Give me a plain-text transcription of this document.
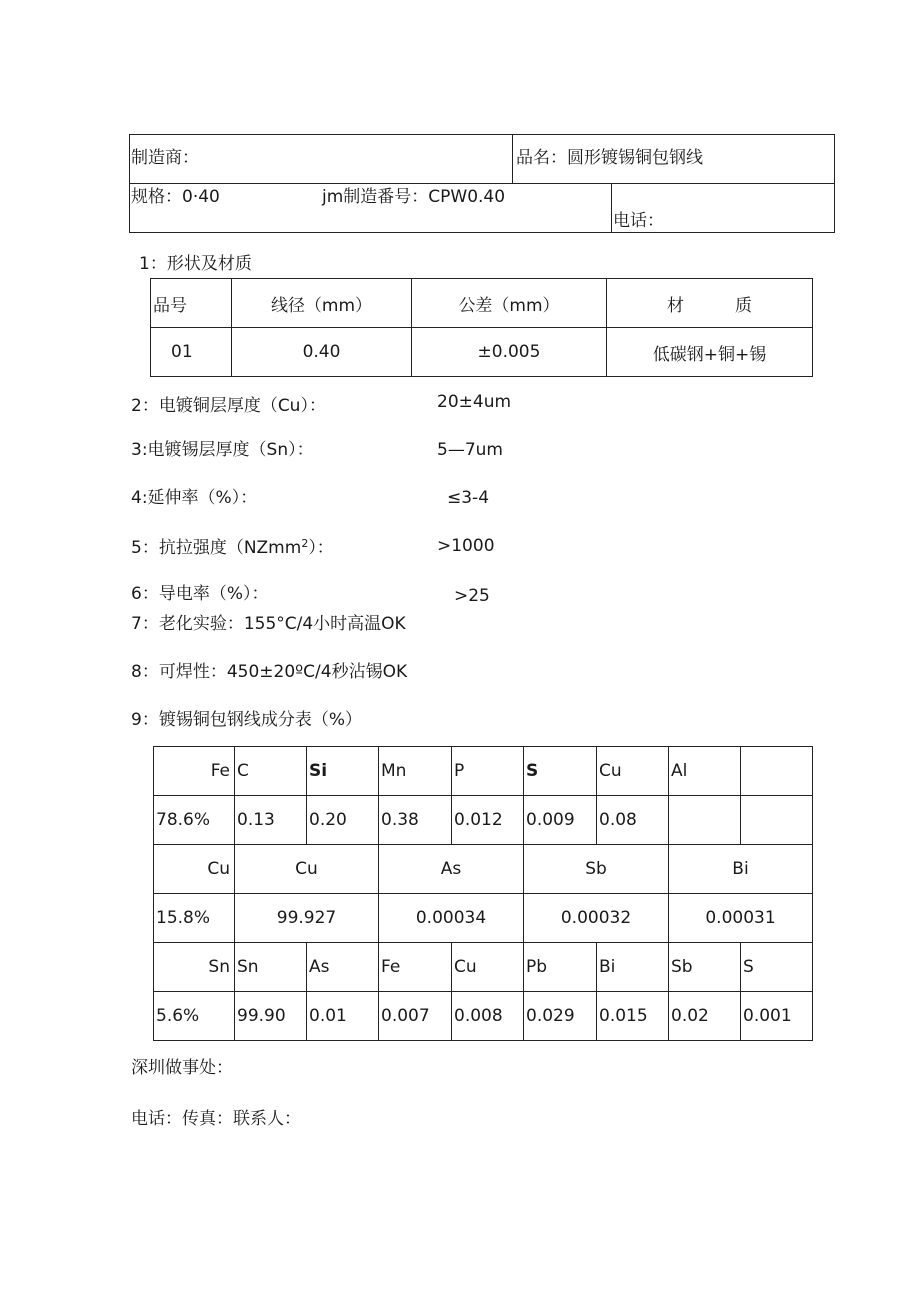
制造商：	品名：圆形镀锡铜包钢线
规格：0·40	jm制造番号：CPW0.40
电话：
1：形状及材质
品号	线径（mm）	公差（mm）	材　　　质
01	0.40	±0.005	低碳钢+铜+锡
2：电镀铜层厚度（Cu）：	20±4um
3:电镀锡层厚度（Sn）：	5—7um
4:延伸率（%）：	≤3-4
5：抗拉强度（NZmm$^2$）：	>1000
6：导电率（%）：	>25
7：老化实验：155°C/4小时高温OK
8：可焊性：450±20ºC/4秒沾锡OK
9：镀锡铜包钢线成分表（%）
Fe	C	Si	Mn	P	S	Cu	Al	
78.6%	0.13	0.20	0.38	0.012	0.009	0.08		
Cu	Cu		As		Sb		Bi	
15.8%	99.927		0.00034		0.00032		0.00031	
Sn	Sn	As	Fe	Cu	Pb	Bi	Sb	S
5.6%	99.90	0.01	0.007	0.008	0.029	0.015	0.02	0.001
深圳做事处：
电话：传真：联系人：
